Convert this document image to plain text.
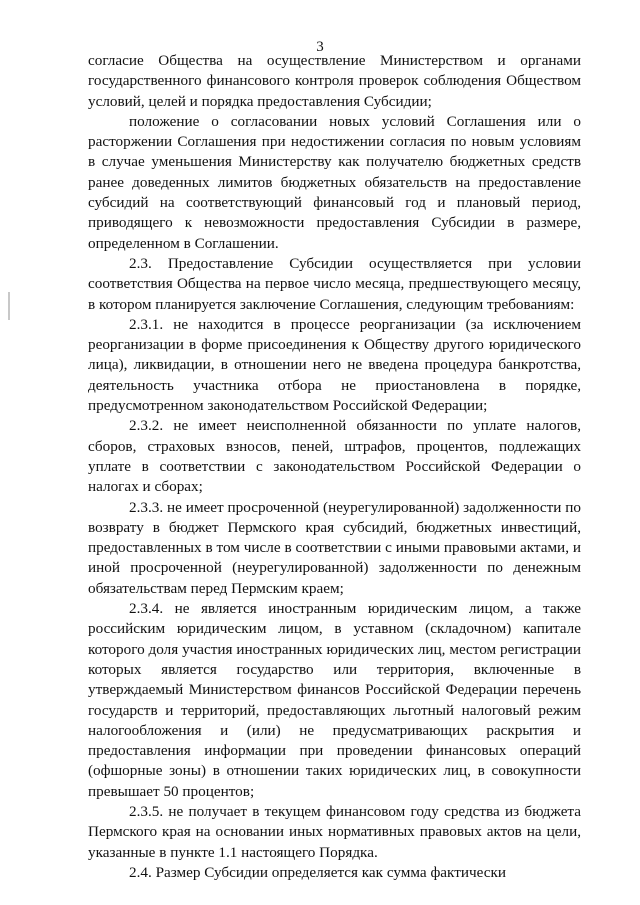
3

согласие Общества на осуществление Министерством и органами государственного финансового контроля проверок соблюдения Обществом условий, целей и порядка предоставления Субсидии;

положение о согласовании новых условий Соглашения или о расторжении Соглашения при недостижении согласия по новым условиям в случае уменьшения Министерству как получателю бюджетных средств ранее доведенных лимитов бюджетных обязательств на предоставление субсидий на соответствующий финансовый год и плановый период, приводящего к невозможности предоставления Субсидии в размере, определенном в Соглашении.

2.3. Предоставление Субсидии осуществляется при условии соответствия Общества на первое число месяца, предшествующего месяцу, в котором планируется заключение Соглашения, следующим требованиям:

2.3.1. не находится в процессе реорганизации (за исключением реорганизации в форме присоединения к Обществу другого юридического лица), ликвидации, в отношении него не введена процедура банкротства, деятельность участника отбора не приостановлена в порядке, предусмотренном законодательством Российской Федерации;

2.3.2. не имеет неисполненной обязанности по уплате налогов, сборов, страховых взносов, пеней, штрафов, процентов, подлежащих уплате в соответствии с законодательством Российской Федерации о налогах и сборах;

2.3.3. не имеет просроченной (неурегулированной) задолженности по возврату в бюджет Пермского края субсидий, бюджетных инвестиций, предоставленных в том числе в соответствии с иными правовыми актами, и иной просроченной (неурегулированной) задолженности по денежным обязательствам перед Пермским краем;

2.3.4. не является иностранным юридическим лицом, а также российским юридическим лицом, в уставном (складочном) капитале которого доля участия иностранных юридических лиц, местом регистрации которых является государство или территория, включенные в утверждаемый Министерством финансов Российской Федерации перечень государств и территорий, предоставляющих льготный налоговый режим налогообложения и (или) не предусматривающих раскрытия и предоставления информации при проведении финансовых операций (офшорные зоны) в отношении таких юридических лиц, в совокупности превышает 50 процентов;

2.3.5. не получает в текущем финансовом году средства из бюджета Пермского края на основании иных нормативных правовых актов на цели, указанные в пункте 1.1 настоящего Порядка.

2.4. Размер Субсидии определяется как сумма фактически
